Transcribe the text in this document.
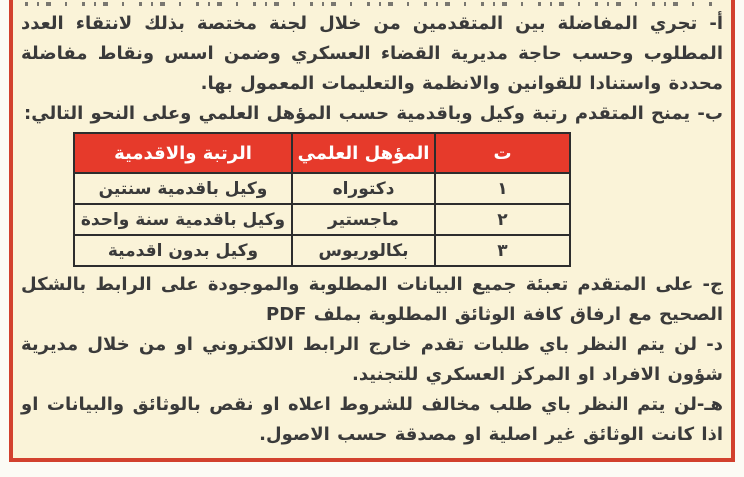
أ- تجري المفاضلة بين المتقدمين من خلال لجنة مختصة بذلك لانتقاء العدد المطلوب وحسب حاجة مديرية القضاء العسكري وضمن اسس ونقاط مفاضلة محددة واستنادا للقوانين والانظمة والتعليمات المعمول بها.

ب- يمنح المتقدم رتبة وكيل وباقدمية حسب المؤهل العلمي وعلى النحو التالي:

ت	المؤهل العلمي	الرتبة والاقدمية
١	دكتوراه	وكيل باقدمية سنتين
٢	ماجستير	وكيل باقدمية سنة واحدة
٣	بكالوريوس	وكيل بدون اقدمية

ج- على المتقدم تعبئة جميع البيانات المطلوبة والموجودة على الرابط بالشكل الصحيح مع ارفاق كافة الوثائق المطلوبة بملف PDF

د- لن يتم النظر باي طلبات تقدم خارج الرابط الالكتروني او من خلال مديرية شؤون الافراد او المركز العسكري للتجنيد.

هـ-لن يتم النظر باي طلب مخالف للشروط اعلاه او نقص بالوثائق والبيانات او اذا كانت الوثائق غير اصلية او مصدقة حسب الاصول.
